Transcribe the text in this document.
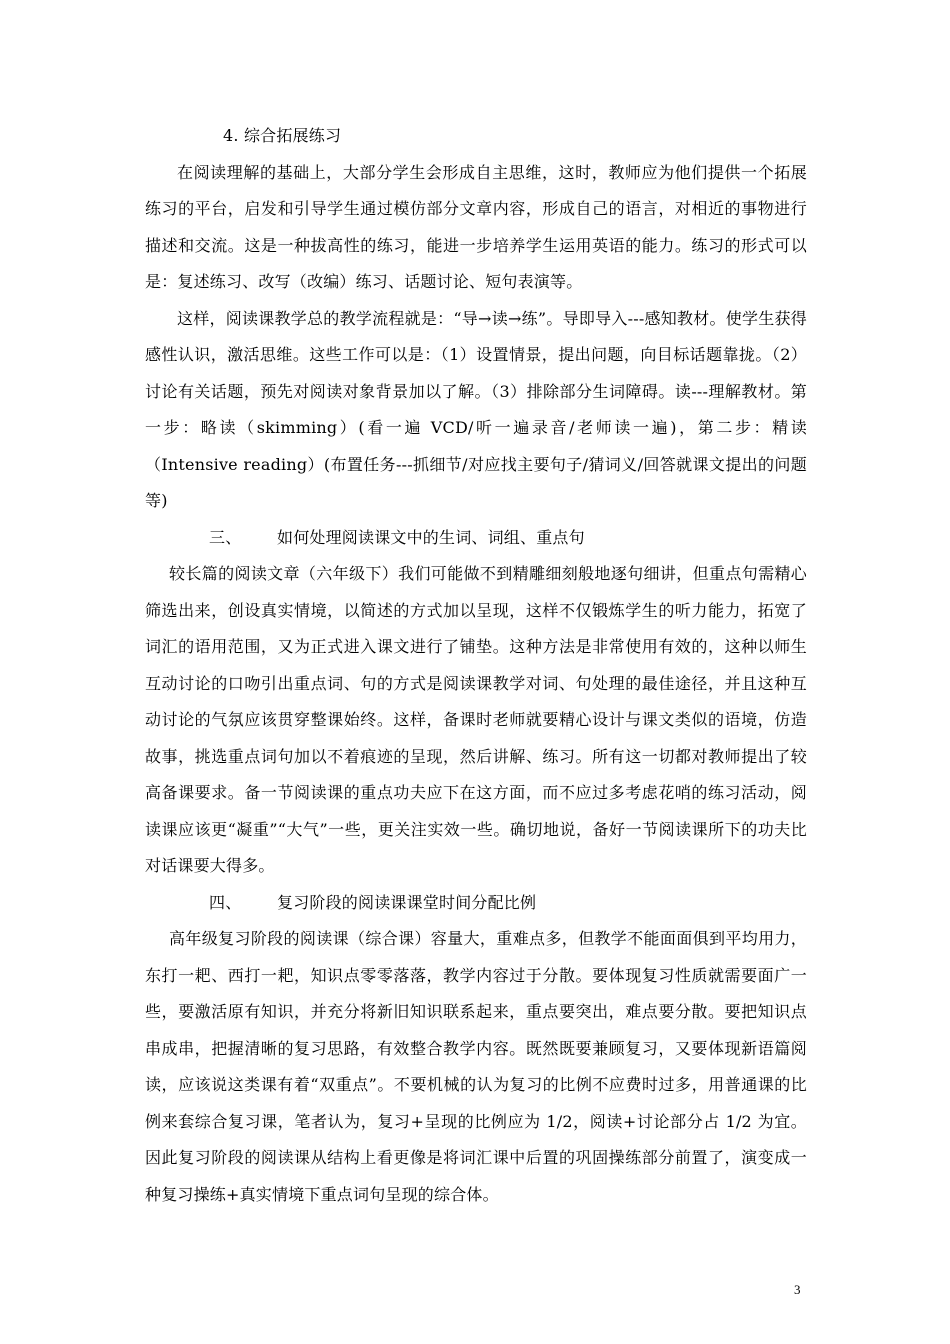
4. 综合拓展练习

在阅读理解的基础上，大部分学生会形成自主思维，这时，教师应为他们提供一个拓展练习的平台，启发和引导学生通过模仿部分文章内容，形成自己的语言，对相近的事物进行描述和交流。这是一种拔高性的练习，能进一步培养学生运用英语的能力。练习的形式可以是：复述练习、改写（改编）练习、话题讨论、短句表演等。

这样，阅读课教学总的教学流程就是：“导→读→练”。导即导入---感知教材。使学生获得感性认识，激活思维。这些工作可以是：（1）设置情景，提出问题，向目标话题靠拢。（2）讨论有关话题，预先对阅读对象背景加以了解。（3）排除部分生词障碍。读---理解教材。第一步：略读（skimming）(看一遍 VCD/听一遍录音/老师读一遍)，第二步：精读（Intensive reading）(布置任务---抓细节/对应找主要句子/猜词义/回答就课文提出的问题等)

三、	如何处理阅读课文中的生词、词组、重点句

较长篇的阅读文章（六年级下）我们可能做不到精雕细刻般地逐句细讲，但重点句需精心筛选出来，创设真实情境，以简述的方式加以呈现，这样不仅锻炼学生的听力能力，拓宽了词汇的语用范围，又为正式进入课文进行了铺垫。这种方法是非常使用有效的，这种以师生互动讨论的口吻引出重点词、句的方式是阅读课教学对词、句处理的最佳途径，并且这种互动讨论的气氛应该贯穿整课始终。这样，备课时老师就要精心设计与课文类似的语境，仿造故事，挑选重点词句加以不着痕迹的呈现，然后讲解、练习。所有这一切都对教师提出了较高备课要求。备一节阅读课的重点功夫应下在这方面，而不应过多考虑花哨的练习活动，阅读课应该更“凝重”“大气”一些，更关注实效一些。确切地说，备好一节阅读课所下的功夫比对话课要大得多。

四、	复习阶段的阅读课课堂时间分配比例

高年级复习阶段的阅读课（综合课）容量大，重难点多，但教学不能面面俱到平均用力，东打一耙、西打一耙，知识点零零落落，教学内容过于分散。要体现复习性质就需要面广一些，要激活原有知识，并充分将新旧知识联系起来，重点要突出，难点要分散。要把知识点串成串，把握清晰的复习思路，有效整合教学内容。既然既要兼顾复习，又要体现新语篇阅读，应该说这类课有着“双重点”。不要机械的认为复习的比例不应费时过多，用普通课的比例来套综合复习课，笔者认为，复习+呈现的比例应为 1/2，阅读+讨论部分占 1/2 为宜。因此复习阶段的阅读课从结构上看更像是将词汇课中后置的巩固操练部分前置了，演变成一种复习操练+真实情境下重点词句呈现的综合体。

3
